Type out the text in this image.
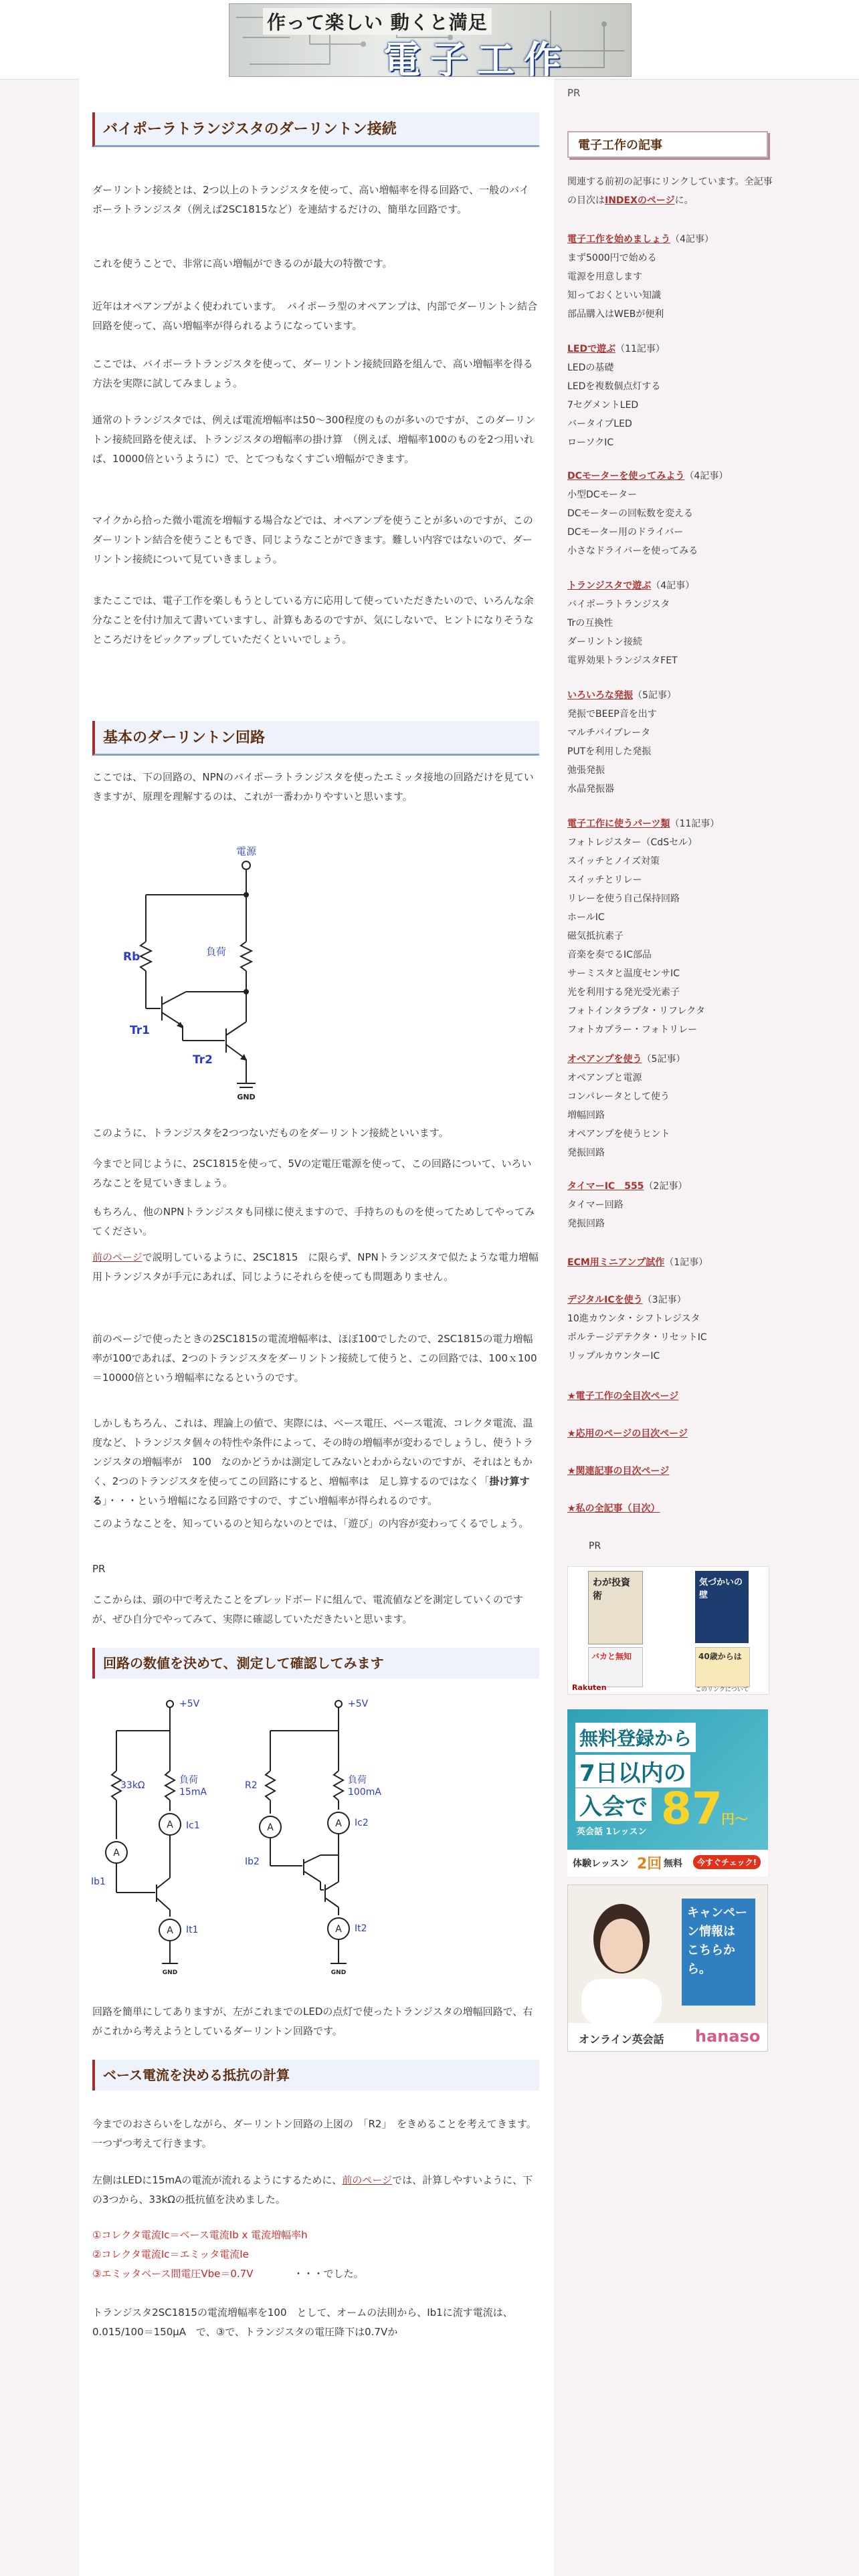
作って楽しい 動くと満足
電子工作
PR
バイポーラトランジスタのダーリントン接続
ダーリントン接続とは、2つ以上のトランジスタを使って、高い増幅率を得る回路で、一般のバイポーラトランジスタ（例えば2SC1815など）を連結するだけの、簡単な回路です。
これを使うことで、非常に高い増幅ができるのが最大の特徴です。
近年はオペアンプがよく使われています。　バイポーラ型のオペアンプは、内部でダーリントン結合回路を使って、高い増幅率が得られるようになっています。
ここでは、バイポーラトランジスタを使って、ダーリントン接続回路を組んで、高い増幅率を得る方法を実際に試してみましょう。
通常のトランジスタでは、例えば電流増幅率は50〜300程度のものが多いのですが、このダーリントン接続回路を使えば、トランジスタの増幅率の掛け算　（例えば、増幅率100のものを2つ用いれば、10000倍というように）で、とてつもなくすごい増幅ができます。
マイクから拾った微小電流を増幅する場合などでは、オペアンプを使うことが多いのですが、このダーリントン結合を使うこともでき、同じようなことができます。難しい内容ではないので、ダーリントン接続について見ていきましょう。
またここでは、電子工作を楽しもうとしている方に応用して使っていただきたいので、いろんな余分なことを付け加えて書いていますし、計算もあるのですが、気にしないで、ヒントになりそうなところだけをピックアップしていただくといいでしょう。
基本のダーリントン回路
ここでは、下の回路の、NPNのバイポーラトランジスタを使ったエミッタ接地の回路だけを見ていきますが、原理を理解するのは、これが一番わかりやすいと思います。
電源
Rb	負荷
Tr1
Tr2
GND
このように、トランジスタを2つつないだものをダーリントン接続といいます。
今までと同じように、2SC1815を使って、5Vの定電圧電源を使って、この回路について、いろいろなことを見ていきましょう。
もちろん、他のNPNトランジスタも同様に使えますので、手持ちのものを使ってためしてやってみてください。
前のページで説明しているように、2SC1815　に限らず、NPNトランジスタで似たような電力増幅用トランジスタが手元にあれば、同じようにそれらを使っても問題ありません。
前のページで使ったときの2SC1815の電流増幅率は、ほぼ100でしたので、2SC1815の電力増幅率が100であれば、2つのトランジスタをダーリントン接続して使うと、この回路では、100ｘ100＝10000倍という増幅率になるというのです。
しかしもちろん、これは、理論上の値で、実際には、ベース電圧、ベース電流、コレクタ電流、温度など、トランジスタ個々の特性や条件によって、その時の増幅率が変わるでしょうし、使うトランジスタの増幅率が　100　なのかどうかは測定してみないとわからないのですが、それはともかく、2つのトランジスタを使ってこの回路にすると、増幅率は　足し算するのではなく「掛け算する」・・・という増幅になる回路ですので、すごい増幅率が得られるのです。
このようなことを、知っているのと知らないのとでは、「遊び」の内容が変わってくるでしょう。
PR
ここからは、頭の中で考えたことをブレッドボードに組んで、電流値などを測定していくのですが、ぜひ自分でやってみて、実際に確認していただきたいと思います。
回路の数値を決めて、測定して確認してみます
A
A
A
A	A
A
+5V	+5V
負荷
15mA
負荷
100mA
33kΩ	R2
Ic1	Ic2
Ib1
Ib2
It1	It2
GND	GND
回路を簡単にしてありますが、左がこれまでのLEDの点灯で使ったトランジスタの増幅回路で、右がこれから考えようとしているダーリントン回路です。
ベース電流を決める抵抗の計算
今までのおさらいをしながら、ダーリントン回路の上図の　「R2」　をきめることを考えてきます。　一つずつ考えて行きます。
左側はLEDに15mAの電流が流れるようにするために、前のページでは、計算しやすいように、下の3つから、33kΩの抵抗値を決めました。
①コレクタ電流Ic＝ベース電流Ib x 電流増幅率h
②コレクタ電流Ic＝エミッタ電流Ie
③エミッタベース間電圧Vbe＝0.7V	・・・でした。
トランジスタ2SC1815の電流増幅率を100　として、オームの法則から、Ib1に流す電流は、0.015/100＝150μA　で、③で、トランジスタの電圧降下は0.7Vか
電子工作の記事
関連する前初の記事にリンクしています。全記事の目次はINDEXのページに。
電子工作を始めましょう（4記事）
まず5000円で始める
電源を用意します
知っておくといい知識
部品購入はWEBが便利
LEDで遊ぶ（11記事）
LEDの基礎
LEDを複数個点灯する
7セグメントLED
バータイプLED
ローソクIC
DCモーターを使ってみよう（4記事）
小型DCモーター
DCモーターの回転数を変える
DCモーター用のドライバー
小さなドライバーを使ってみる
トランジスタで遊ぶ（4記事）
バイポーラトランジスタ
Trの互換性
ダーリントン接続
電界効果トランジスタFET
いろいろな発振（5記事）
発振でBEEP音を出す
マルチバイブレータ
PUTを利用した発振
弛張発振
水晶発振器
電子工作に使うパーツ類（11記事）
フォトレジスター（CdSセル）
スイッチとノイズ対策
スイッチとリレー
リレーを使う自己保持回路
ホールIC
磁気抵抗素子
音楽を奏でるIC部品
サーミスタと温度センサIC
光を利用する発光受光素子
フォトインタラプタ・リフレクタ
フォトカプラー・フォトリレー
オペアンプを使う（5記事）
オペアンプと電源
コンパレータとして使う
増幅回路
オペアンプを使うヒント
発振回路
タイマーIC　555（2記事）
タイマー回路
発振回路
ECM用ミニアンプ試作（1記事）
デジタルICを使う（3記事）
10進カウンタ・シフトレジスタ
ポルテージデテクタ・リセットIC
リップルカウンターIC
★電子工作の全目次ページ
★応用のページの目次ページ
★関連記事の目次ページ
★私の全記事（目次）
PR
わが投資術
気づかいの壁
バカと無知	40歳からは
Rakuten	このリンクについて
無料登録から
7日以内の
入会で 87
円〜
英会話 1レッスン
体験レッスン 2回 無料	今すぐチェック!
キャンペーン情報は
こちらから。
オンライン英会話 hanaso
